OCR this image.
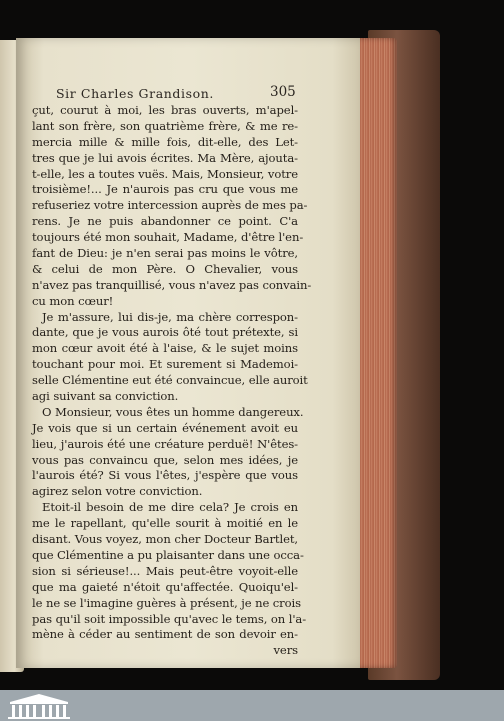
Sir Charles Grandison.	305
çut, courut à moi, les bras ouverts, m'apel-
lant son frère, son quatrième frère, & me re-
mercia mille & mille fois, dit-elle, des Let-
tres que je lui avois écrites. Ma Mère, ajouta-
t-elle, les a toutes vuës. Mais, Monsieur, votre
troisième!... Je n'aurois pas cru que vous me
refuseriez votre intercession auprès de mes pa-
rens. Je ne puis abandonner ce point. C'a
toujours été mon souhait, Madame, d'être l'en-
fant de Dieu: je n'en serai pas moins le vôtre,
& celui de mon Père. O Chevalier, vous
n'avez pas tranquillisé, vous n'avez pas convain-
cu mon cœur!
Je m'assure, lui dis-je, ma chère correspon-
dante, que je vous aurois ôté tout prétexte, si
mon cœur avoit été à l'aise, & le sujet moins
touchant pour moi. Et surement si Mademoi-
selle Clémentine eut été convaincue, elle auroit
agi suivant sa conviction.
O Monsieur, vous êtes un homme dangereux.
Je vois que si un certain événement avoit eu
lieu, j'aurois été une créature perduë! N'êtes-
vous pas convaincu que, selon mes idées, je
l'aurois été? Si vous l'êtes, j'espère que vous
agirez selon votre conviction.
Etoit-il besoin de me dire cela? Je crois en
me le rapellant, qu'elle sourit à moitié en le
disant. Vous voyez, mon cher Docteur Bartlet,
que Clémentine a pu plaisanter dans une occa-
sion si sérieuse!... Mais peut-être voyoit-elle
que ma gaieté n'étoit qu'affectée. Quoiqu'el-
le ne se l'imagine guères à présent, je ne crois
pas qu'il soit impossible qu'avec le tems, on l'a-
mène à céder au sentiment de son devoir en-
vers
